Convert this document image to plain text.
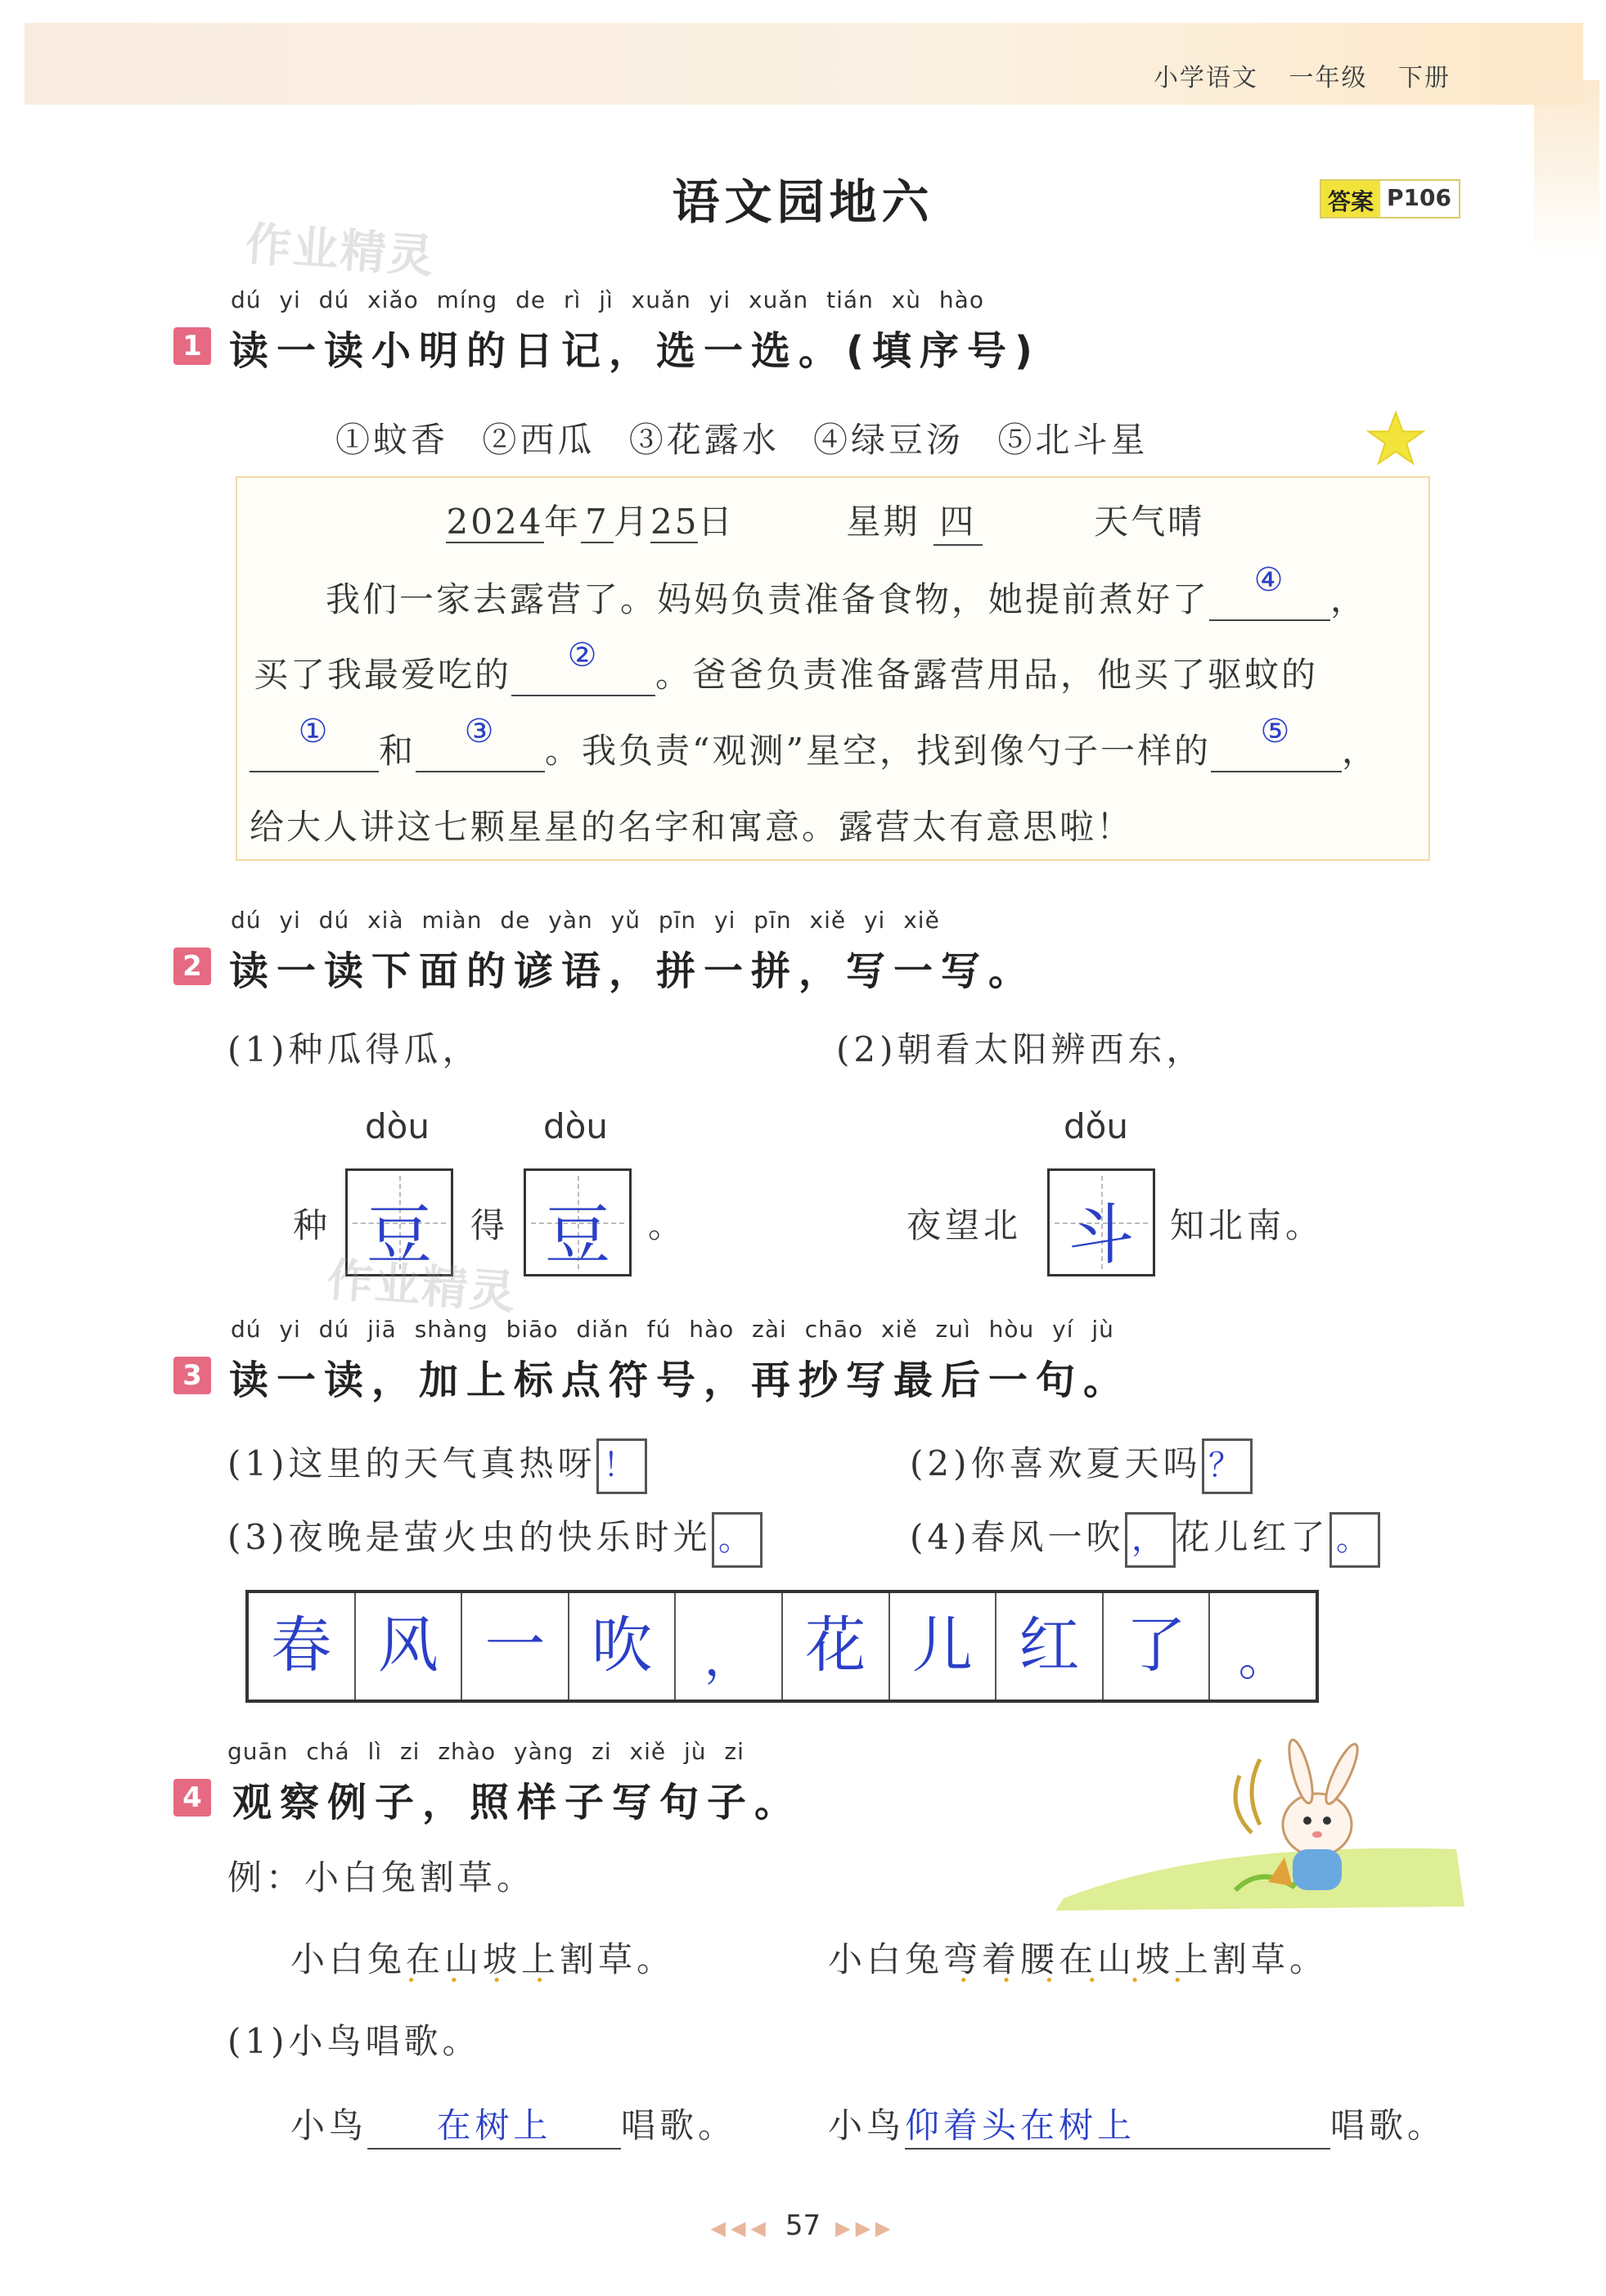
小学语文 一年级 下册
语文园地六	答案 P106
作业精灵
dú yi dú xiǎo míng de rì jì xuǎn yi xuǎn tián xù hào
1 读一读小明的日记，选一选。(填序号)
①蚊香 ②西瓜 ③花露水 ④绿豆汤 ⑤北斗星
2024年 7 月25日	星期 四	天气晴
我们一家去露营了。妈妈负责准备食物，她提前煮好了	④	，
买了我最爱吃的	②	。爸爸负责准备露营用品，他买了驱蚊的
①	和	③	。我负责“观测”星空，找到像勺子一样的	⑤	，
给大人讲这七颗星星的名字和寓意。露营太有意思啦！
dú yi dú xià miàn de yàn yǔ pīn yi pīn xiě yi xiě
2 读一读下面的谚语，拼一拼，写一写。
(1)种瓜得瓜，	(2)朝看太阳辨西东，
dòu	dòu	dǒu
种 豆	得 豆	。	夜望北 斗	知北南。
作业精灵
dú yi dú jiā shàng biāo diǎn fú hào zài chāo xiě zuì hòu yí jù
3 读一读，加上标点符号，再抄写最后一句。
(1)这里的天气真热呀 ！	(2)你喜欢夏天吗 ？
(3)夜晚是萤火虫的快乐时光 。	(4)春风一吹 ， 花儿红了 。
春 风 一 吹	， 花 儿 红 了	。
guān chá lì zi zhào yàng zi xiě jù zi
4 观察例子，照样子写句子。
例：小白兔割草。
小白兔在山坡上 • • • •割草。	小白兔弯着腰在山坡上 • • •割草。
(1)小鸟唱歌。
小鸟 在树上 唱歌。	小鸟仰着头在树上	唱歌。
◀◀◀ 57 ▶▶▶
